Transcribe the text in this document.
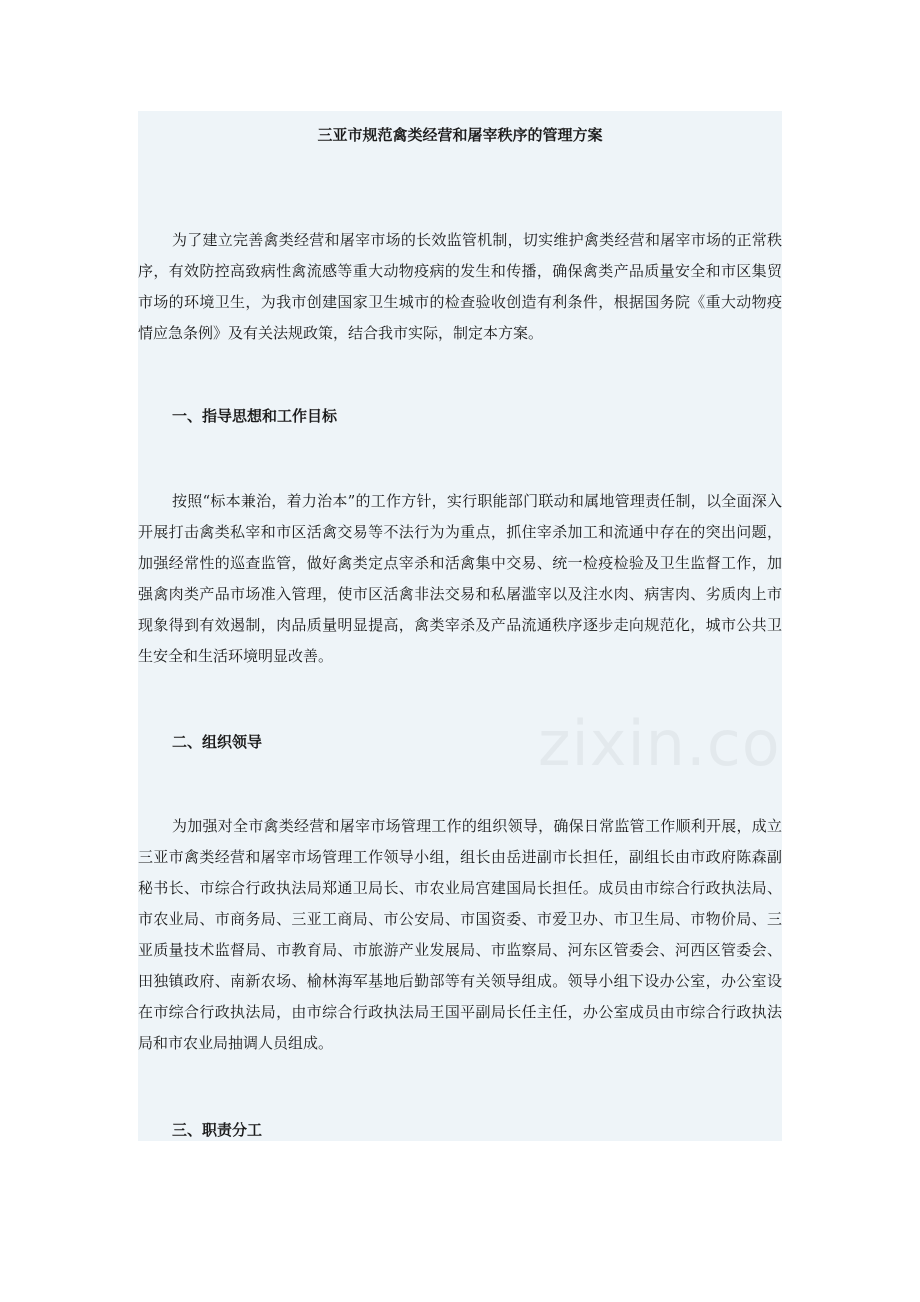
三亚市规范禽类经营和屠宰秩序的管理方案

为了建立完善禽类经营和屠宰市场的长效监管机制，切实维护禽类经营和屠宰市场的正常秩序，有效防控高致病性禽流感等重大动物疫病的发生和传播，确保禽类产品质量安全和市区集贸市场的环境卫生，为我市创建国家卫生城市的检查验收创造有利条件，根据国务院《重大动物疫情应急条例》及有关法规政策，结合我市实际，制定本方案。

一、指导思想和工作目标

按照“标本兼治，着力治本”的工作方针，实行职能部门联动和属地管理责任制，以全面深入开展打击禽类私宰和市区活禽交易等不法行为为重点，抓住宰杀加工和流通中存在的突出问题，加强经常性的巡查监管，做好禽类定点宰杀和活禽集中交易、统一检疫检验及卫生监督工作，加强禽肉类产品市场准入管理，使市区活禽非法交易和私屠滥宰以及注水肉、病害肉、劣质肉上市现象得到有效遏制，肉品质量明显提高，禽类宰杀及产品流通秩序逐步走向规范化，城市公共卫生安全和生活环境明显改善。

二、组织领导

为加强对全市禽类经营和屠宰市场管理工作的组织领导，确保日常监管工作顺利开展，成立三亚市禽类经营和屠宰市场管理工作领导小组，组长由岳进副市长担任，副组长由市政府陈森副秘书长、市综合行政执法局郑通卫局长、市农业局宫建国局长担任。成员由市综合行政执法局、市农业局、市商务局、三亚工商局、市公安局、市国资委、市爱卫办、市卫生局、市物价局、三亚质量技术监督局、市教育局、市旅游产业发展局、市监察局、河东区管委会、河西区管委会、田独镇政府、南新农场、榆林海军基地后勤部等有关领导组成。领导小组下设办公室，办公室设在市综合行政执法局，由市综合行政执法局王国平副局长任主任，办公室成员由市综合行政执法局和市农业局抽调人员组成。

三、职责分工
